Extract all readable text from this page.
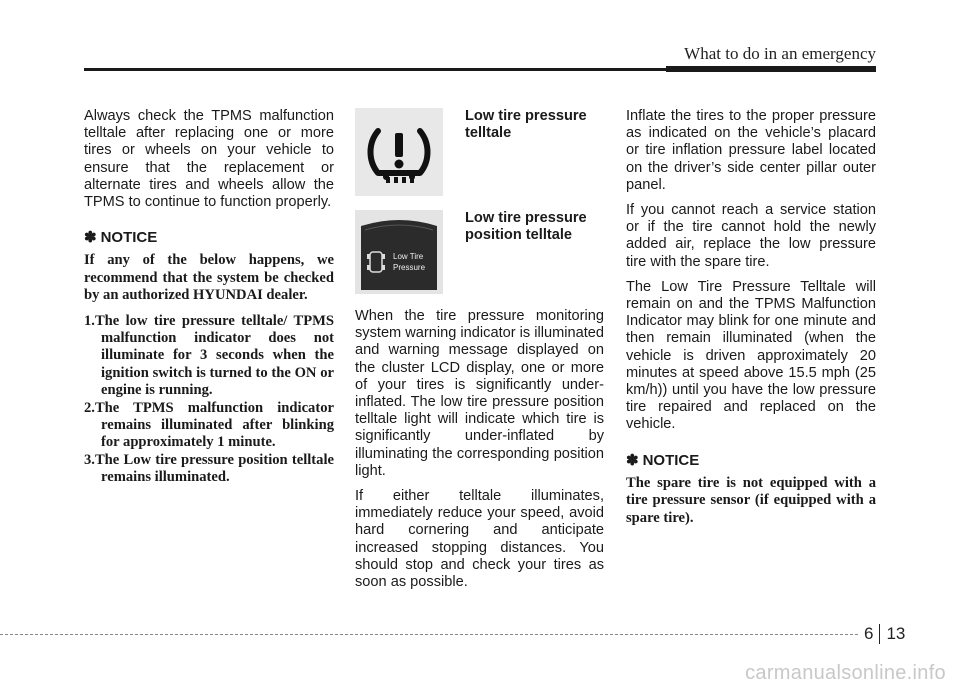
What to do in an emergency

Always check the TPMS malfunction telltale after replacing one or more tires or wheels on your vehicle to ensure that the replacement or alternate tires and wheels allow the TPMS to continue to function properly.

✽ NOTICE

If any of the below happens, we recommend that the system be checked by an authorized HYUNDAI dealer.

1.The low tire pressure telltale/ TPMS malfunction indicator does not illuminate for 3 seconds when the ignition switch is turned to the ON or engine is running.
2.The TPMS malfunction indicator remains illuminated after blinking for approximately 1 minute.
3.The Low tire pressure position telltale remains illuminated.
Low tire pressure telltale
Low Tire
Pressure
Low tire pressure position telltale

When the tire pressure monitoring system warning indicator is illuminated and warning message displayed on the cluster LCD display, one or more of your tires is significantly under-inflated. The low tire pressure position telltale light will indicate which tire is significantly under-inflated by illuminating the corresponding position light.

If either telltale illuminates, immediately reduce your speed, avoid hard cornering and anticipate increased stopping distances. You should stop and check your tires as soon as possible.

Inflate the tires to the proper pressure as indicated on the vehicle’s placard or tire inflation pressure label located on the driver’s side center pillar outer panel.

If you cannot reach a service station or if the tire cannot hold the newly added air, replace the low pressure tire with the spare tire.

The Low Tire Pressure Telltale will remain on and the TPMS Malfunction Indicator may blink for one minute and then remain illuminated (when the vehicle is driven approximately 20 minutes at speed above 15.5 mph (25 km/h)) until you have the low pressure tire repaired and replaced on the vehicle.

✽ NOTICE

The spare tire is not equipped with a tire pressure sensor (if equipped with a spare tire).

6 13
carmanualsonline.info
